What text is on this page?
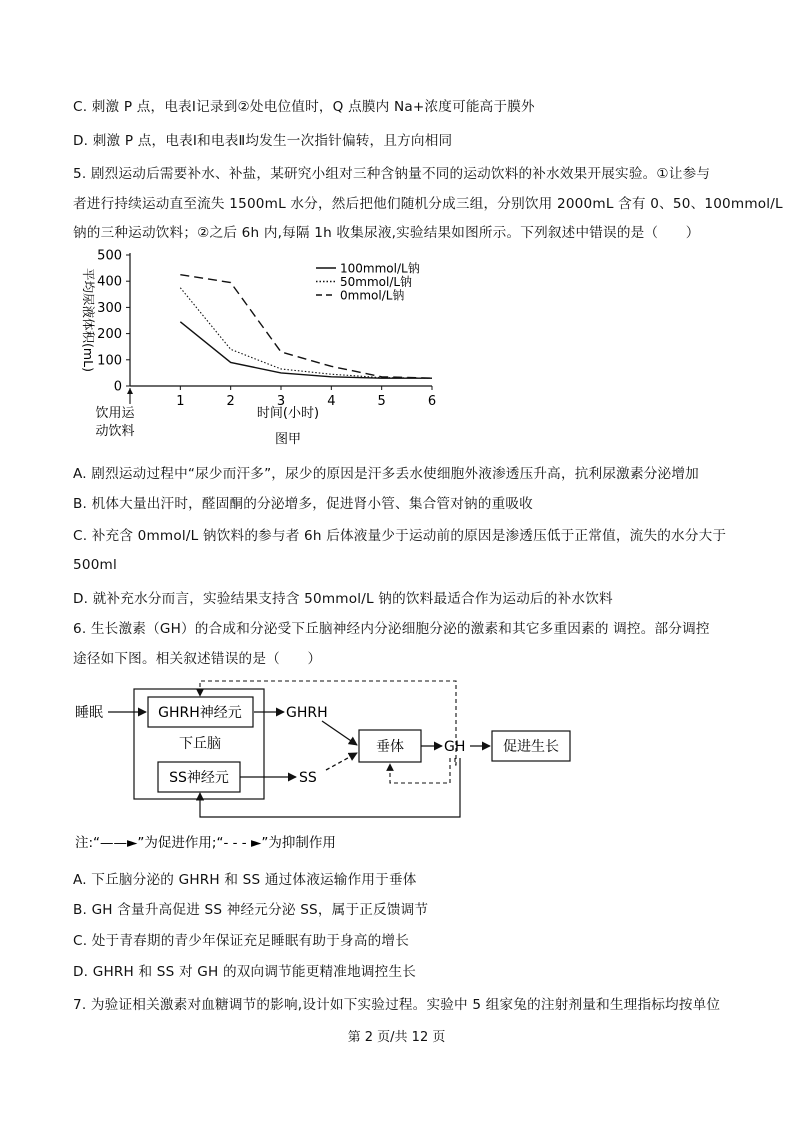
C. 刺激 P 点，电表Ⅰ记录到②处电位值时，Q 点膜内 Na+浓度可能高于膜外
D. 刺激 P 点，电表Ⅰ和电表Ⅱ均发生一次指针偏转，且方向相同
5. 剧烈运动后需要补水、补盐，某研究小组对三种含钠量不同的运动饮料的补水效果开展实验。①让参与
者进行持续运动直至流失 1500mL 水分，然后把他们随机分成三组，分别饮用 2000mL 含有 0、50、100mmol/L
钠的三种运动饮料；②之后 6h 内,每隔 1h 收集尿液,实验结果如图所示。下列叙述中错误的是（　　）
0
100
200
300
400
500
1	2	3	4	5	6
100mmol/L钠
50mmol/L钠
0mmol/L钠
平均尿液体积(mL)
时间(小时)
饮用运
动饮料
图甲
A. 剧烈运动过程中“尿少而汗多”，尿少的原因是汗多丢水使细胞外液渗透压升高，抗利尿激素分泌增加
B. 机体大量出汗时，醛固酮的分泌增多，促进肾小管、集合管对钠的重吸收
C. 补充含 0mmol/L 钠饮料的参与者 6h 后体液量少于运动前的原因是渗透压低于正常值，流失的水分大于
500ml
D. 就补充水分而言，实验结果支持含 50mmol/L 钠的饮料最适合作为运动后的补水饮料
6. 生长激素（GH）的合成和分泌受下丘脑神经内分泌细胞分泌的激素和其它多重因素的 调控。部分调控
途径如下图。相关叙述错误的是（　　）
GHRH神经元
下丘脑
SS神经元
睡眠	GHRH
SS
垂体	GH	促进生长
注:“——►”为促进作用;“- - - ►”为抑制作用
A. 下丘脑分泌的 GHRH 和 SS 通过体液运输作用于垂体
B. GH 含量升高促进 SS 神经元分泌 SS，属于正反馈调节
C. 处于青春期的青少年保证充足睡眠有助于身高的增长
D. GHRH 和 SS 对 GH 的双向调节能更精准地调控生长
7. 为验证相关激素对血糖调节的影响,设计如下实验过程。实验中 5 组家兔的注射剂量和生理指标均按单位
第 2 页/共 12 页
